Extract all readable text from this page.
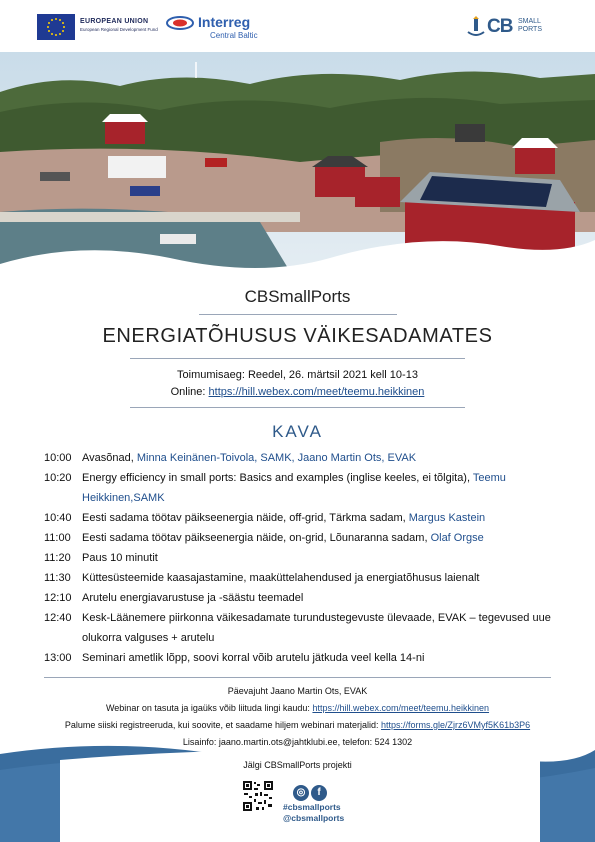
EUROPEAN UNION
European Regional Development Fund	Interreg
Central Baltic	CB SMALL
PORTS
CBSmallPorts
ENERGIATÕHUSUS VÄIKESADAMATES
Toimumisaeg: Reedel, 26. märtsil 2021 kell 10-13
Online: https://hill.webex.com/meet/teemu.heikkinen
KAVA
10:00 Avasõnad, Minna Keinänen-Toivola, SAMK, Jaano Martin Ots, EVAK
10:20 Energy efficiency in small ports: Basics and examples (inglise keeles, ei tõlgita), Teemu Heikkinen,SAMK
10:40 Eesti sadama töötav päikseenergia näide, off-grid, Tärkma sadam, Margus Kastein
11:00	Eesti sadama töötav päikseenergia näide, on-grid, Lõunaranna sadam, Olaf Orgse
11:20	Paus 10 minutit
11:30	Küttesüsteemide kaasajastamine, maaküttelahendused ja energiatõhusus laienalt
12:10 Arutelu energiavarustuse ja -säästu teemadel
12:40 Kesk-Läänemere piirkonna väikesadamate turundustegevuste ülevaade, EVAK – tegevused uue olukorra valguses + arutelu
13:00 Seminari ametlik lõpp, soovi korral võib arutelu jätkuda veel kella 14-ni
Päevajuht Jaano Martin Ots, EVAK
Webinar on tasuta ja igaüks võib liituda lingi kaudu: https://hill.webex.com/meet/teemu.heikkinen
Palume siiski registreeruda, kui soovite, et saadame hiljem webinari materjalid: https://forms.gle/Zjrz6VMyf5K61b3P6
Lisainfo: jaano.martin.ots@jahtklubi.ee, telefon: 524 1302
Jälgi CBSmallPorts projekti
◎ f
#cbsmallports
@cbsmallports
